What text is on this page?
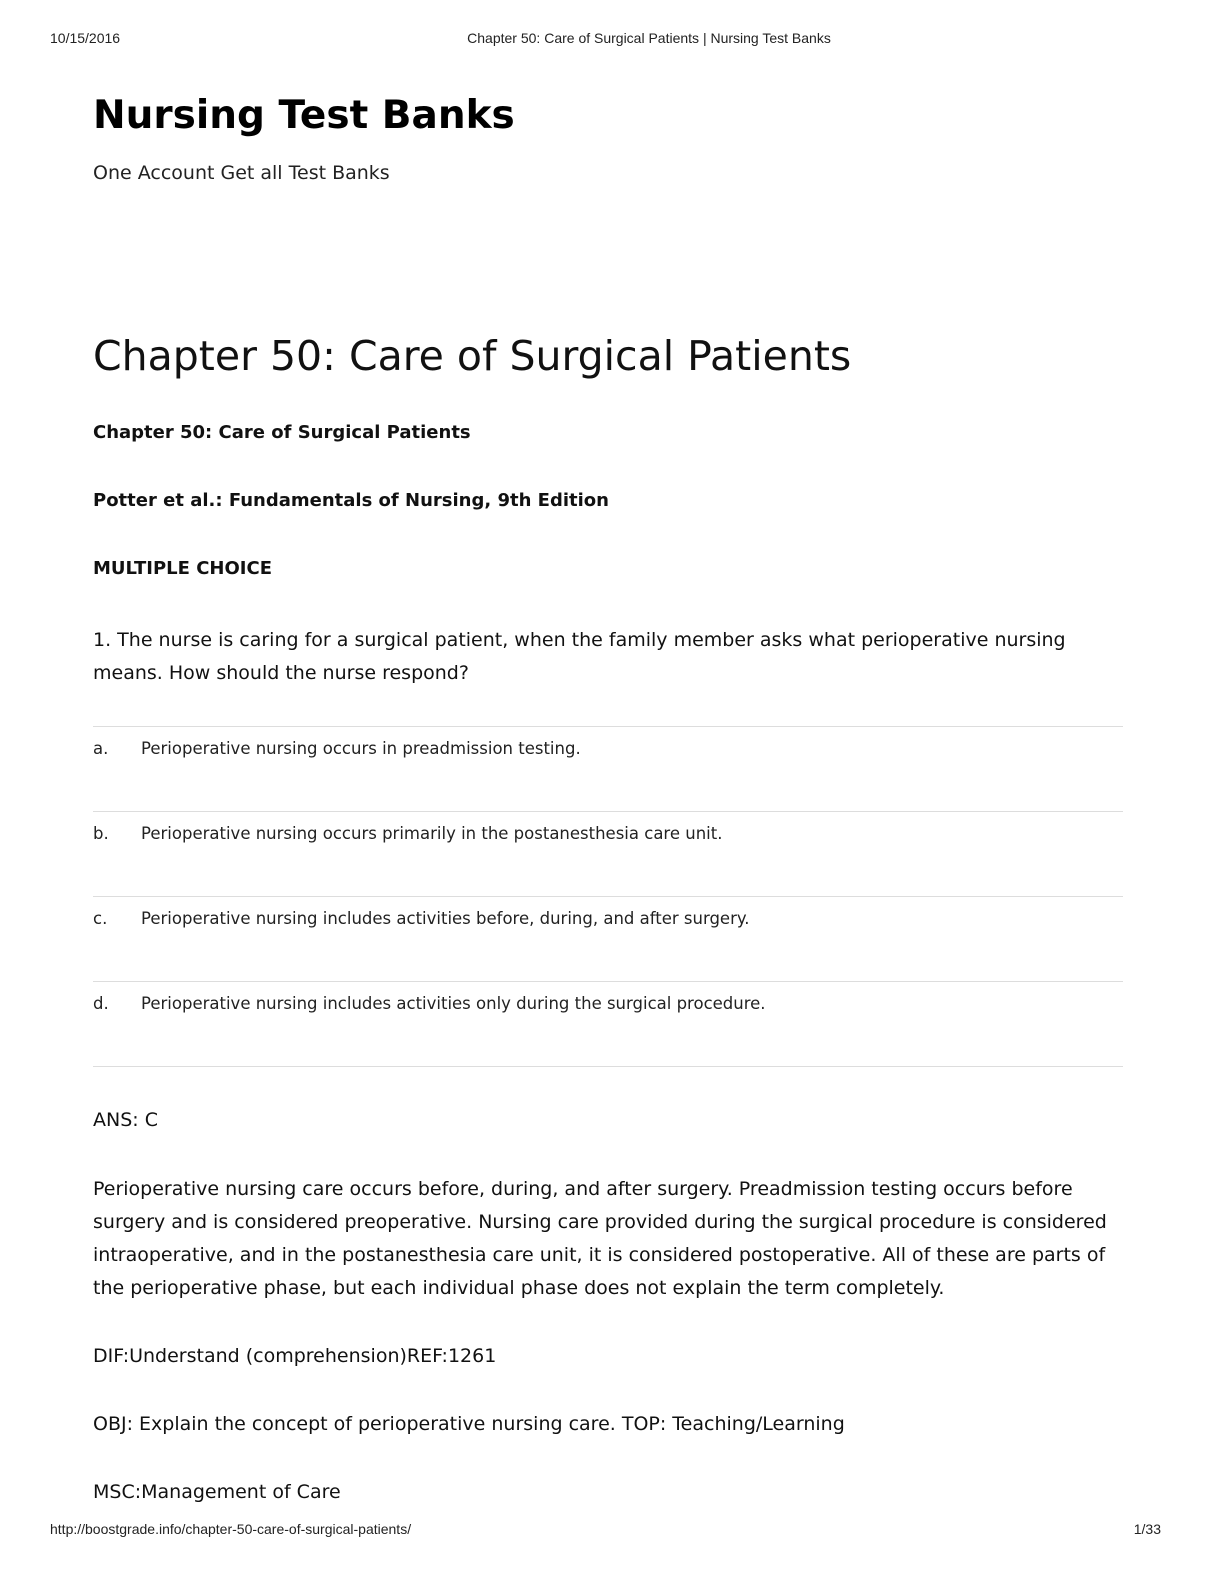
10/15/2016	Chapter 50: Care of Surgical Patients | Nursing Test Banks
Nursing Test Banks

One Account Get all Test Banks

Chapter 50: Care of Surgical Patients

Chapter 50: Care of Surgical Patients

Potter et al.: Fundamentals of Nursing, 9th Edition

MULTIPLE CHOICE

1. The nurse is caring for a surgical patient, when the family member asks what perioperative nursing means. How should the nurse respond?

a. Perioperative nursing occurs in preadmission testing.
b. Perioperative nursing occurs primarily in the postanesthesia care unit.
c. Perioperative nursing includes activities before, during, and after surgery.
d. Perioperative nursing includes activities only during the surgical procedure.

ANS: C

Perioperative nursing care occurs before, during, and after surgery. Preadmission testing occurs before surgery and is considered preoperative. Nursing care provided during the surgical procedure is considered intraoperative, and in the postanesthesia care unit, it is considered postoperative. All of these are parts of the perioperative phase, but each individual phase does not explain the term completely.

DIF:Understand (comprehension)REF:1261

OBJ: Explain the concept of perioperative nursing care. TOP: Teaching/Learning

MSC:Management of Care

http://boostgrade.info/chapter-50-care-of-surgical-patients/	1/33
